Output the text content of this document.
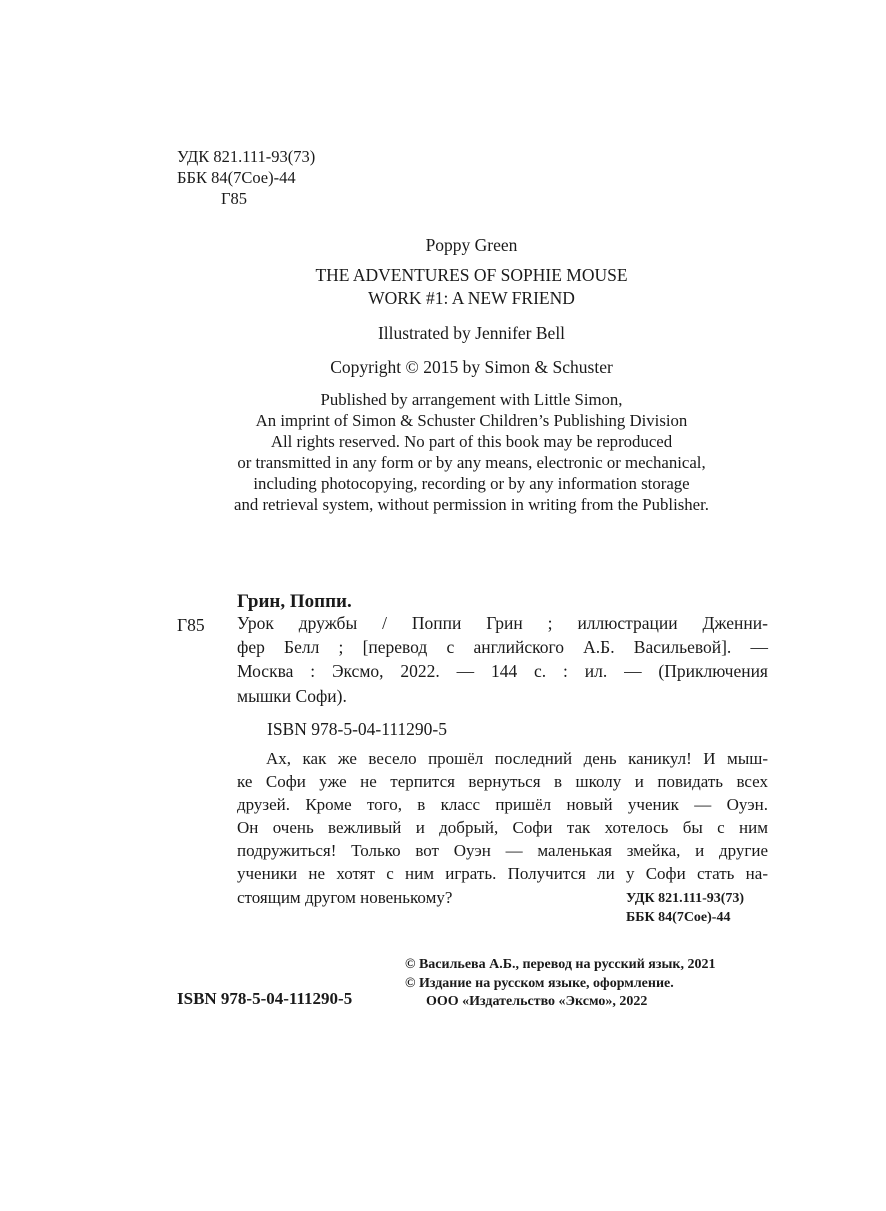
УДК 821.111-93(73)
ББК 84(7Сое)-44
Г85
Poppy Green
THE ADVENTURES OF SOPHIE MOUSE
WORK #1: A NEW FRIEND
Illustrated by Jennifer Bell
Copyright © 2015 by Simon & Schuster
Published by arrangement with Little Simon,
An imprint of Simon & Schuster Children’s Publishing Division
All rights reserved. No part of this book may be reproduced
or transmitted in any form or by any means, electronic or mechanical,
including photocopying, recording or by any information storage
and retrieval system, without permission in writing from the Publisher.
Грин, Поппи.
Г85 Урок дружбы / Поппи Грин ; иллюстрации Дженни-
фер Белл ; [перевод с английского А.Б. Васильевой]. —
Москва : Эксмо, 2022. — 144 с. : ил. — (Приключения
мышки Софи).
ISBN 978-5-04-111290-5
Ах, как же весело прошёл последний день каникул! И мыш-
ке Софи уже не терпится вернуться в школу и повидать всех
друзей. Кроме того, в класс пришёл новый ученик — Оуэн.
Он очень вежливый и добрый, Софи так хотелось бы с ним
подружиться! Только вот Оуэн — маленькая змейка, и другие
ученики не хотят с ним играть. Получится ли у Софи стать на-
стоящим другом новенькому?	УДК 821.111-93(73)
ББК 84(7Сое)-44
© Васильева А.Б., перевод на русский язык, 2021
© Издание на русском языке, оформление.
ООО «Издательство «Эксмо», 2022
ISBN 978-5-04-111290-5
